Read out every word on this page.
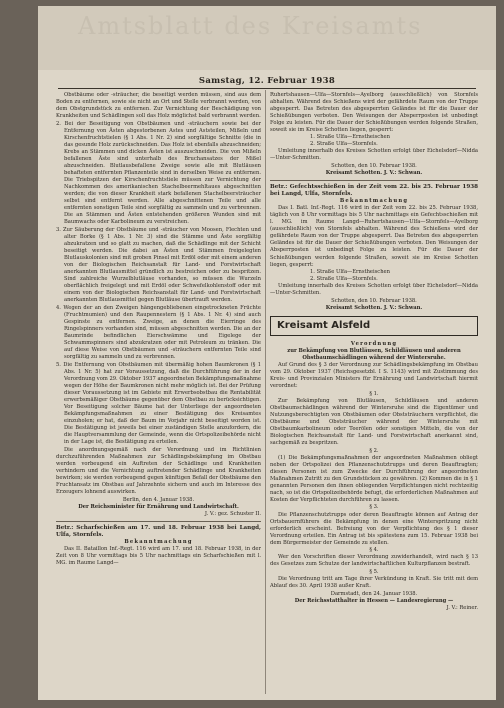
Amtsblatt des Kreisamts
Samstag, 12. Februar 1938
Obstbäume oder -sträucher, die beseitigt werden müssen, sind aus dem Boden zu entfernen, sowie sie nicht an Ort und Stelle verbrannt werden, von dem Obstgrundstück zu entfernen. Zur Vernichtung der Beschädigung von Krankheiten und Schädlingen soll das Holz möglichst bald verbrannt werden.
2. Bei der Beseitigung von Obstbäumen und -sträuchern sowie bei der Entfernung von Ästen abgestorbenen Astes und Aststeilen, Mißeln und Kirschenfruchtstielen (§ 1 Abs. 1 Nr. 2) sind sorgfältige Schnitte (die in das gesunde Holz zurückschneiden. Das Holz ist ebenfalls abzuschneiden; Krebs an Stämmen und dicken Ästen ist auszuschneiden. Die von Mißeln befallenen Äste sind unterhalb des Bruchansatzes der Mißel abzuschneiden. Blutlausbefallene Zweige sowie alle mit Blutläusen behafteten entfernten Pflanzenteile sind in derselben Weise zu entfernen. Die Triebspitzen der Kirschenfruchtstiele müssen zur Vernichtung der Nachkommen des amerikanischen Stachelbeermehltaues abgeschnitten werden; die von dieser Krankheit stark befallenen Stachelbeersträucher selbst sind entfernt werden. Alle abgeschnittenen Teile und alle entfernten sonstigen Teile sind sorgfältig zu sammeln und zu verbrennen. Die an Stämmen und Ästen entstehenden größeren Wunden sind mit Baumwachs oder Karbolineum zu verstreichen.
3. Zur Säuberung der Obstbäume und -sträucher von Moosen, Flechten und alter Borke (§ 1 Abs. 1 Nr. 3) sind die Stämme und Äste sorgfältig abzukratzen und so glatt zu machen, daß die Schädlinge mit der Schicht beseitigt werden. Die dabei an Ästen und Stämmen freigelegten Blutlauskolonien sind mit groben Pinsel mit Erdöl oder mit einem anderen von der Biologischen Reichsanstalt für Land- und Forstwirtschaft anerkannten Blutlausmittel gründlich zu bestreichen oder zu bespritzen. Sind zahlreiche Wurzelblutläuse vorhanden, so müssen die Wurzeln oberflächlich freigelegt und mit Erdöl oder Schwefelkohlenstoff oder mit einem von der Biologischen Reichsanstalt für Land- und Forstwirtschaft anerkannten Blutlausmittel gegen Blutläuse übertrauft werden.
4. Wegen der an den Zweigen hängengebliebenen eingetrockneten Früchte (Fruchtmumien) und den Raupennestern (§ 1 Abs. 1 Nr. 4) sind auch Gespinste zu entfernen. Zweige, an denen die Eierringe des Ringelspinners vorhanden sind, müssen abgeschnitten werden. Die an der Baumrinde befindlichen Eierschwämme und Eigelege der Schwammspinners sind abzukratzen oder mit Petroleum zu tränken. Die auf diese Weise von Obstbäumen und -sträuchern entfernten Teile sind sorgfältig zu sammeln und zu verbrennen.
5. Die Entfernung von Obstbäumen mit übermäßig hohen Baumkronen (§ 1 Abs. 1 Nr. 5) hat zur Voraussetzung, daß die Durchführung der in der Verordnung vom 29. Oktober 1937 angeordneten Bekämpfungsmaßnahme wegen der Höhe der Baumkronen nicht mehr möglich ist. Bei der Prüfung dieser Voraussetzung ist im Gebiete mit Erwerbsobstbau die Rentabilität erwerbsmäßiger Obstbäume gegenüber dem Obstbau zu berücksichtigen. Vor Beseitigung solcher Bäume hat der Unterliege der angeordneten Bekämpfungsmaßnahmen zu einer Bestätigung des Kreisamtes einzuholen; er hat, daß der Baum im Vorjahr nicht beseitigt worden ist. Die Bestätigung ist jeweils bei einer zuständigen Stelle anzufordern, die die Hauptversammlung der Gemeinde, wenn die Ortspolizeibehörde nicht in der Lage ist, die Bestätigung zu erteilen.
Die anordnungsgemäß nach der Verordnung und im Richtlinien durchzuführenden Maßnahmen zur Schädlingsbekämpfung im Obstbau werden vorbeugend ein Auftreten der Schädlinge und Krankheiten verhindern und die Vernichtung auftretender Schädlinge und Krankheiten bewirken; sie werden vorbeugend gegen künftigen Befall der Obstbäume den Fruchtansatz im Obstbau auf Jahrzehnte sichern und auch im Interesse des Erzeugers lohnend auswirken.
Berlin, den 4. Januar 1938.
Der Reichsminister für Ernährung und Landwirtschaft.
J. V.: gez. Schuster II.
Betr.: Scharfschießen am 17. und 18. Februar 1938 bei Langd, Ulfa, Stornfels.
Bekanntmachung
Das II. Bataillon Inf.-Regt. 116 wird am 17. und 18. Februar 1938, in der Zeit von 8 Uhr vormittags bis 5 Uhr nachmittags ein Scharfschießen mit l. MG. im Raume Langd—
Ruhertshausen—Ulfa—Stornfels—Ayelborg (ausschließlich) von Stornfels abhalten. Während des Schießens wird der gefährdete Raum von der Truppe abgesperrt. Das Betreten des abgesperrten Geländes ist für die Dauer der Schießübungen verboten. Den Weisungen der Absperrposten ist unbedingt Folge zu leisten. Für die Dauer der Schießübungen werden folgende Straßen, soweit sie im Kreise Schotten liegen, gesperrt:
1. Straße Ulfa—Ernstheischen
2. Straße Ulfa—Stornfels.
Umleitung innerhalb des Kreises Schotten erfolgt über Eichelsdorf—Nidda—Unter-Schmitten.
Schotten, den 10. Februar 1938.
Kreisamt Schotten. J. V.: Schwan.
Betr.: Gefechtsschießen in der Zeit vom 22. bis 25. Februar 1938 bei Langd, Ulfa, Stornfels.
Bekanntmachung
Das I. Batl. Inf.-Regt. 116 wird in der Zeit vom 22. bis 25. Februar 1938, täglich von 8 Uhr vormittags bis 5 Uhr nachmittags ein Gefechtsschießen mit l. MG. im Raume Langd—Ruhertshausen—Ulfa—Stornfels—Ayelborg (ausschließlich) von Stornfels abhalten. Während des Schießens wird der gefährdete Raum von der Truppe abgesperrt. Das Betreten des abgesperrten Geländes ist für die Dauer der Schießübungen verboten. Den Weisungen der Absperrposten ist unbedingt Folge zu leisten. Für die Dauer der Schießübungen werden folgende Straßen, soweit sie im Kreise Schotten liegen, gesperrt:
1. Straße Ulfa—Ernstheischen
2. Straße Ulfa—Stornfels.
Umleitung innerhalb des Kreises Schotten erfolgt über Eichelsdorf—Nidda—Unter-Schmitten.
Schotten, den 10. Februar 1938.
Kreisamt Schotten. J. V.: Schwan.
Kreisamt Alsfeld
Verordnung
zur Bekämpfung von Blutläusen, Schildläusen und anderen Obstbaumschädlingen während der Wintersruhe.
Auf Grund des § 3 der Verordnung zur Schädlingsbekämpfung im Obstbau vom 29. Oktober 1937 (Reichsgesetzbl. I S. 1143) wird mit Zustimmung des Kreis- und Provinzialen Ministers für Ernährung und Landwirtschaft hiermit verordnet:
§ 1.
Zur Bekämpfung von Blutläusen, Schildläusen und anderen Obstbaumschädlingen während der Wintersruhe sind die Eigentümer und Nutzungsberechtigten von Obstbäumen oder Obststräuchern verpflichtet, die Obstbäume und Obststräucher während der Wintersruhe mit Obstbaumkarbolineum oder Teerölen oder sonstigen Mitteln, die von der Biologischen Reichsanstalt für Land- und Forstwirtschaft anerkannt sind, sachgemäß zu bespritzen.
§ 2.
(1) Die Bekämpfungsmaßnahmen der angeordneten Maßnahmen obliegt neben der Ortspolizei den Pflanzenschutztrupps und deren Beauftragten; diesen Personen ist zum Zwecke der Durchführung der angeordneten Maßnahmen Zutritt zu den Grundstücken zu gewähren. (2) Kommen die in § 1 genannten Personen den ihnen obliegenden Verpflichtungen nicht rechtzeitig nach, so ist die Ortspolizeibehörde befugt, die erforderlichen Maßnahmen auf Kosten der Verpflichteten durchführen zu lassen.
§ 3.
Die Pflanzenschutztrupps oder deren Beauftragte können auf Antrag der Ortsbauernführers die Bekämpfung in denen eine Winterspritzung nicht erforderlich erscheint. Befreiung von der Verpflichtung des § 1 dieser Verordnung erteilen. Ein Antrag ist bis spätestens zum 15. Februar 1938 bei dem Bürgermeister der Gemeinde zu stellen.
§ 4.
Wer den Vorschriften dieser Verordnung zuwiderhandelt, wird nach § 13 des Gesetzes zum Schutze der landwirtschaftlichen Kulturpflanzen bestraft.
§ 5.
Die Verordnung tritt am Tage ihrer Verkündung in Kraft. Sie tritt mit dem Ablauf des 30. April 1938 außer Kraft.
Darmstadt, den 24. Januar 1938.
Der Reichsstatthalter in Hessen — Landesregierung —
J. V.: Reiner.
